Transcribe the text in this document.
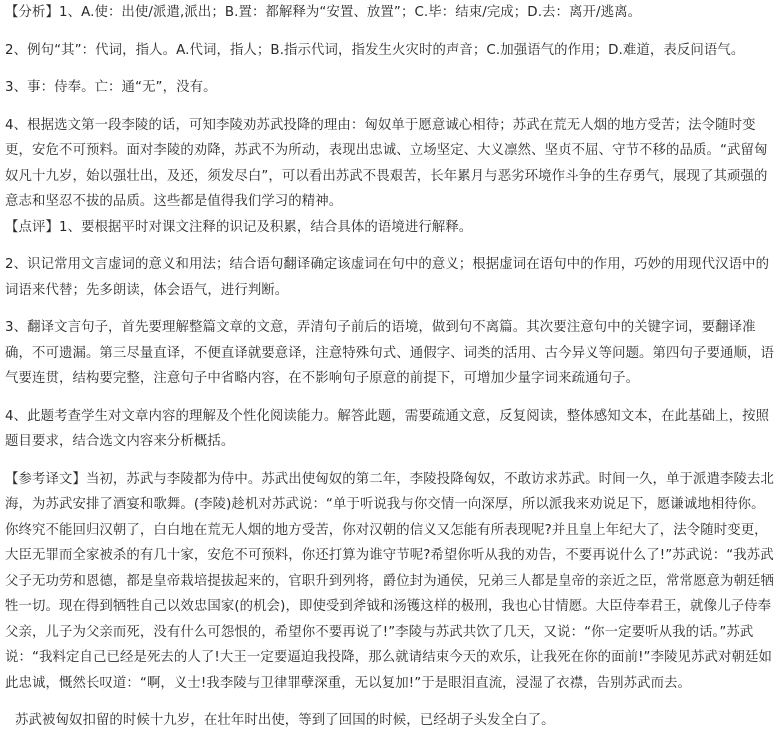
【分析】1、A.使：出使/派遣,派出；B.置：都解释为“安置、放置”；C.毕：结束/完成；D.去：离开/逃离。

2、例句“其”：代词，指人。A.代词，指人；B.指示代词，指发生火灾时的声音；C.加强语气的作用；D.难道，表反问语气。

3、事：侍奉。亡：通“无”，没有。

4、根据选文第一段李陵的话，可知李陵劝苏武投降的理由：匈奴单于愿意诚心相待；苏武在荒无人烟的地方受苦；法令随时变更，安危不可预料。面对李陵的劝降，苏武不为所动，表现出忠诚、立场坚定、大义凛然、坚贞不屈、守节不移的品质。“武留匈奴凡十九岁，始以强壮出，及还，须发尽白”，可以看出苏武不畏艰苦，长年累月与恶劣环境作斗争的生存勇气，展现了其顽强的意志和坚忍不拔的品质。这些都是值得我们学习的精神。

【点评】1、要根据平时对课文注释的识记及积累，结合具体的语境进行解释。

2、识记常用文言虚词的意义和用法；结合语句翻译确定该虚词在句中的意义；根据虚词在语句中的作用，巧妙的用现代汉语中的词语来代替；先多朗读，体会语气，进行判断。

3、翻译文言句子，首先要理解整篇文章的文意，弄清句子前后的语境，做到句不离篇。其次要注意句中的关键字词，要翻译准确，不可遗漏。第三尽量直译，不便直译就要意译，注意特殊句式、通假字、词类的活用、古今异义等问题。第四句子要通顺，语气要连贯，结构要完整，注意句子中省略内容，在不影响句子原意的前提下，可增加少量字词来疏通句子。

4、此题考查学生对文章内容的理解及个性化阅读能力。解答此题，需要疏通文意，反复阅读，整体感知文本，在此基础上，按照题目要求，结合选文内容来分析概括。

【参考译文】当初，苏武与李陵都为侍中。苏武出使匈奴的第二年，李陵投降匈奴，不敢访求苏武。时间一久，单于派遣李陵去北海，为苏武安排了酒宴和歌舞。(李陵)趁机对苏武说：“单于听说我与你交情一向深厚，所以派我来劝说足下，愿谦诚地相待你。你终究不能回归汉朝了，白白地在荒无人烟的地方受苦，你对汉朝的信义又怎能有所表现呢?并且皇上年纪大了，法令随时变更，大臣无罪而全家被杀的有几十家，安危不可预料，你还打算为谁守节呢?希望你听从我的劝告，不要再说什么了!”苏武说：“我苏武父子无功劳和恩德，都是皇帝栽培提拔起来的，官职升到列将，爵位封为通侯，兄弟三人都是皇帝的亲近之臣，常常愿意为朝廷牺牲一切。现在得到牺牲自己以效忠国家(的机会)，即使受到斧钺和汤镬这样的极刑，我也心甘情愿。大臣侍奉君王，就像儿子侍奉父亲，儿子为父亲而死，没有什么可怨恨的，希望你不要再说了!”李陵与苏武共饮了几天，又说：“你一定要听从我的话。”苏武说：“我料定自己已经是死去的人了!大王一定要逼迫我投降，那么就请结束今天的欢乐，让我死在你的面前!”李陵见苏武对朝廷如此忠诚，慨然长叹道：“啊，义士!我李陵与卫律罪孽深重，无以复加!”于是眼泪直流，浸湿了衣襟，告别苏武而去。

苏武被匈奴扣留的时候十九岁，在壮年时出使，等到了回国的时候，已经胡子头发全白了。
